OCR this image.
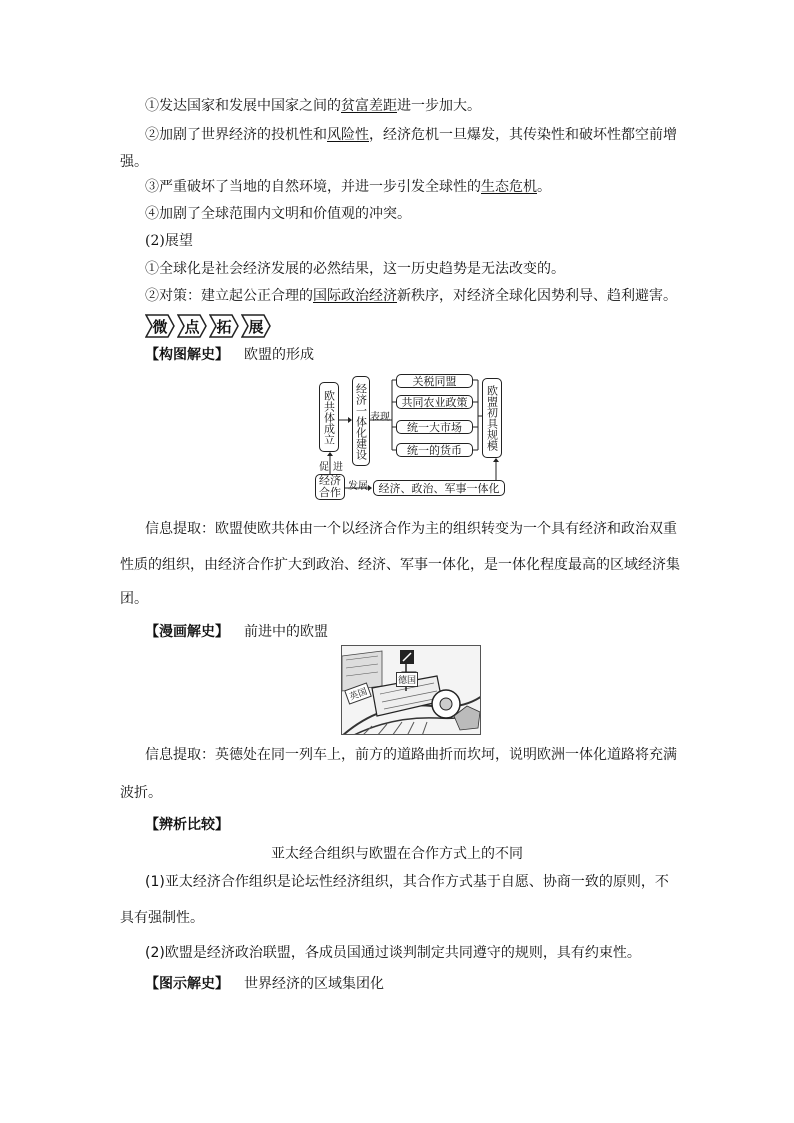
①发达国家和发展中国家之间的贫富差距进一步加大。
②加剧了世界经济的投机性和风险性，经济危机一旦爆发，其传染性和破坏性都空前增
强。
③严重破坏了当地的自然环境，并进一步引发全球性的生态危机。
④加剧了全球范围内文明和价值观的冲突。
(2)展望
①全球化是社会经济发展的必然结果，这一历史趋势是无法改变的。
②对策：建立起公正合理的国际政治经济新秩序，对经济全球化因势利导、趋利避害。
微	点	拓	展
【构图解史】 欧盟的形成
欧共体成立	经济一体化建设 表现
关税同盟
共同农业政策
统一大市场
统一的货币	欧盟初具规模
促 进
经济合作 发展 经济、政治、军事一体化
信息提取：欧盟使欧共体由一个以经济合作为主的组织转变为一个具有经济和政治双重
性质的组织，由经济合作扩大到政治、经济、军事一体化，是一体化程度最高的区域经济集
团。
【漫画解史】 前进中的欧盟
英国
德国
信息提取：英德处在同一列车上，前方的道路曲折而坎坷，说明欧洲一体化道路将充满
波折。
【辨析比较】
亚太经合组织与欧盟在合作方式上的不同
(1)亚太经济合作组织是论坛性经济组织，其合作方式基于自愿、协商一致的原则，不
具有强制性。
(2)欧盟是经济政治联盟，各成员国通过谈判制定共同遵守的规则，具有约束性。
【图示解史】 世界经济的区域集团化
